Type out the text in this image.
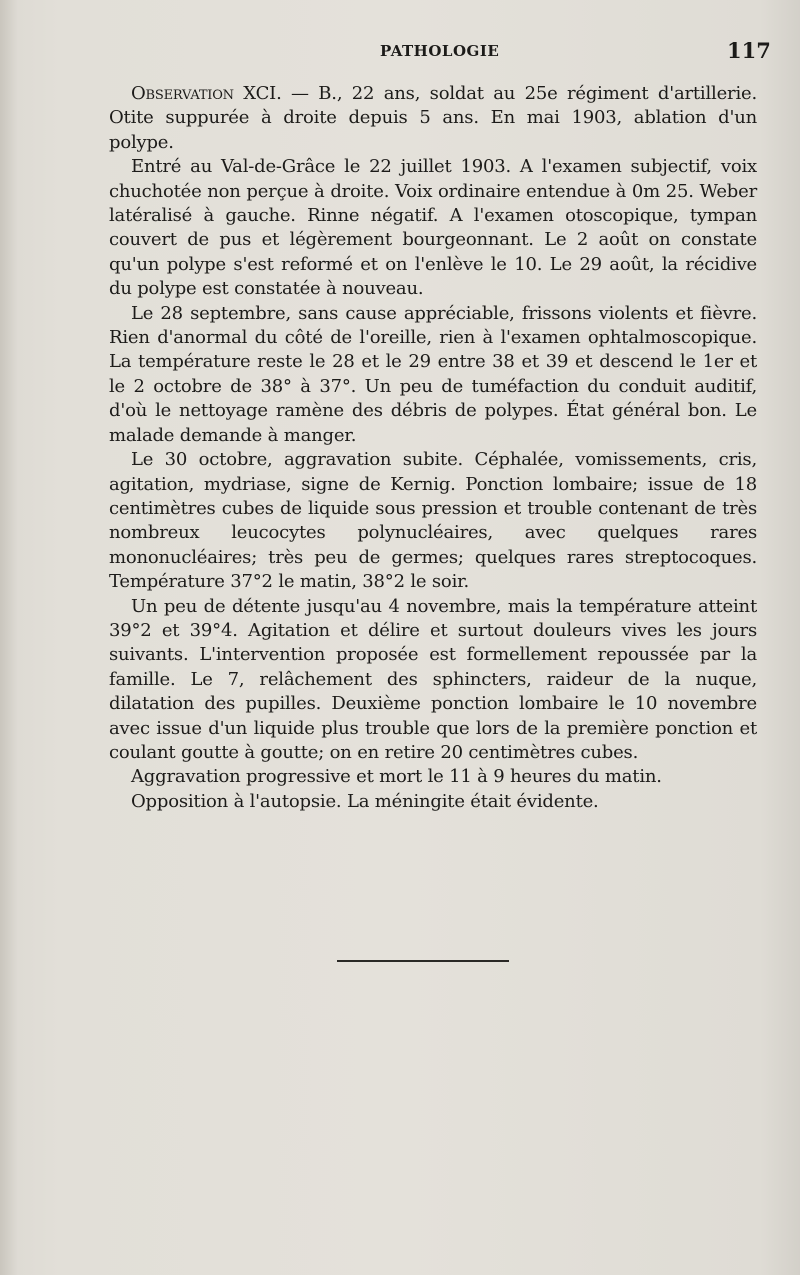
PATHOLOGIE	117

Observation XCI. — B., 22 ans, soldat au 25e régiment d'artillerie. Otite suppurée à droite depuis 5 ans. En mai 1903, ablation d'un polype.

Entré au Val-de-Grâce le 22 juillet 1903. A l'examen subjectif, voix chuchotée non perçue à droite. Voix ordinaire entendue à 0m 25. Weber latéralisé à gauche. Rinne négatif. A l'examen otoscopique, tympan couvert de pus et légèrement bourgeonnant. Le 2 août on constate qu'un polype s'est reformé et on l'enlève le 10. Le 29 août, la récidive du polype est constatée à nouveau.

Le 28 septembre, sans cause appréciable, frissons violents et fièvre. Rien d'anormal du côté de l'oreille, rien à l'examen ophtalmoscopique. La température reste le 28 et le 29 entre 38 et 39 et descend le 1er et le 2 octobre de 38° à 37°. Un peu de tuméfaction du conduit auditif, d'où le nettoyage ramène des débris de polypes. État général bon. Le malade demande à manger.

Le 30 octobre, aggravation subite. Céphalée, vomissements, cris, agitation, mydriase, signe de Kernig. Ponction lombaire; issue de 18 centimètres cubes de liquide sous pression et trouble contenant de très nombreux leucocytes polynucléaires, avec quelques rares mononucléaires; très peu de germes; quelques rares streptocoques. Température 37°2 le matin, 38°2 le soir.

Un peu de détente jusqu'au 4 novembre, mais la température atteint 39°2 et 39°4. Agitation et délire et surtout douleurs vives les jours suivants. L'intervention proposée est formellement repoussée par la famille. Le 7, relâchement des sphincters, raideur de la nuque, dilatation des pupilles. Deuxième ponction lombaire le 10 novembre avec issue d'un liquide plus trouble que lors de la première ponction et coulant goutte à goutte; on en retire 20 centimètres cubes.

Aggravation progressive et mort le 11 à 9 heures du matin.

Opposition à l'autopsie. La méningite était évidente.
